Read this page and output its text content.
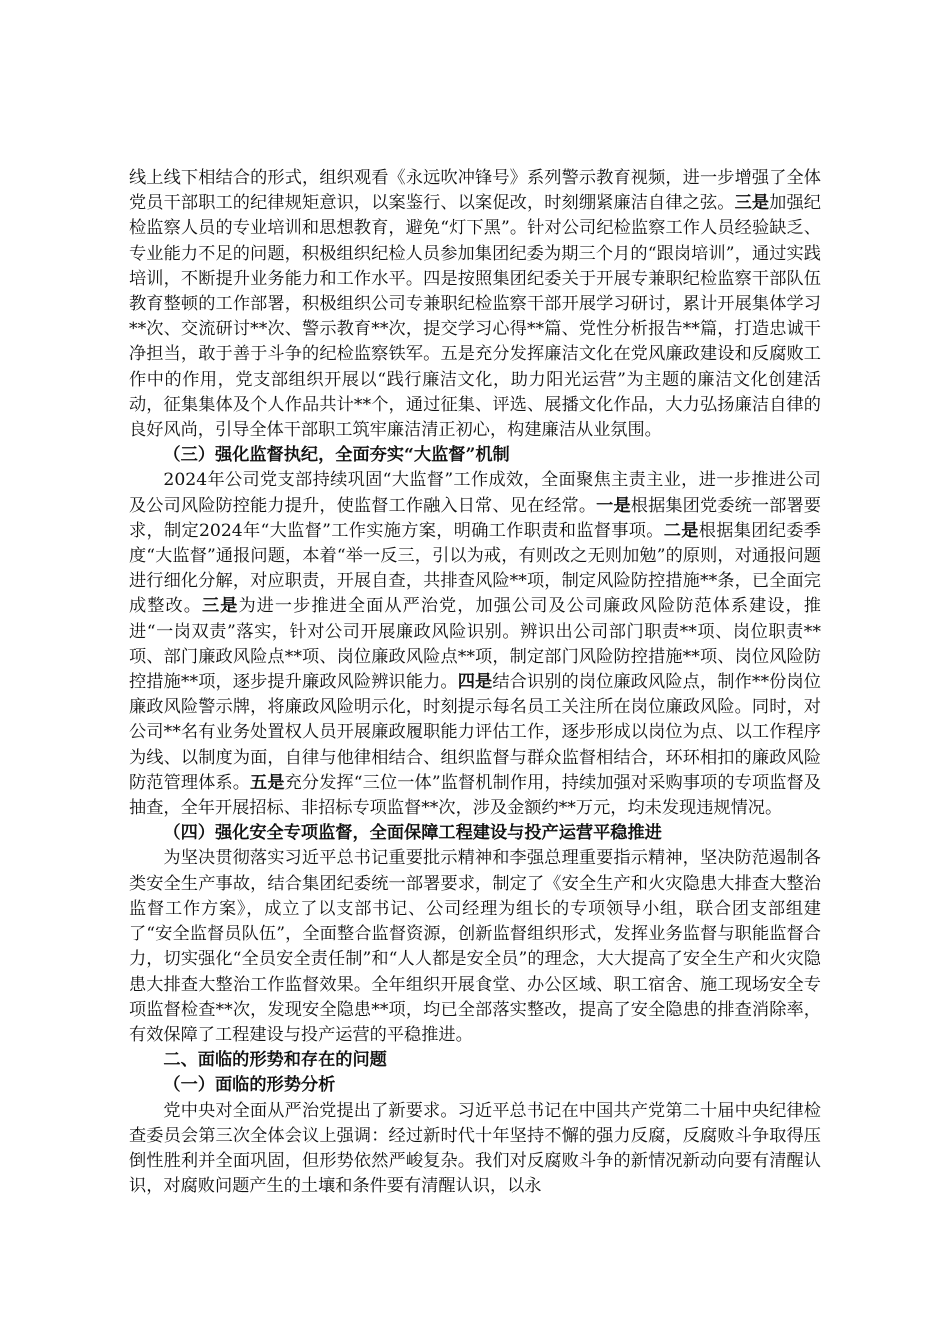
线上线下相结合的形式，组织观看《永远吹冲锋号》系列警示教育视频，进一步增强了全体党员干部职工的纪律规矩意识，以案鉴行、以案促改，时刻绷紧廉洁自律之弦。三是加强纪检监察人员的专业培训和思想教育，避免“灯下黑”。针对公司纪检监察工作人员经验缺乏、专业能力不足的问题，积极组织纪检人员参加集团纪委为期三个月的“跟岗培训”，通过实践培训，不断提升业务能力和工作水平。四是按照集团纪委关于开展专兼职纪检监察干部队伍教育整顿的工作部署，积极组织公司专兼职纪检监察干部开展学习研讨，累计开展集体学习**次、交流研讨**次、警示教育**次，提交学习心得**篇、党性分析报告**篇，打造忠诚干净担当，敢于善于斗争的纪检监察铁军。五是充分发挥廉洁文化在党风廉政建设和反腐败工作中的作用，党支部组织开展以“践行廉洁文化，助力阳光运营”为主题的廉洁文化创建活动，征集集体及个人作品共计**个，通过征集、评选、展播文化作品，大力弘扬廉洁自律的良好风尚，引导全体干部职工筑牢廉洁清正初心，构建廉洁从业氛围。

（三）强化监督执纪，全面夯实“大监督”机制

2024年公司党支部持续巩固“大监督”工作成效，全面聚焦主责主业，进一步推进公司及公司风险防控能力提升，使监督工作融入日常、见在经常。一是根据集团党委统一部署要求，制定2024年“大监督”工作实施方案，明确工作职责和监督事项。二是根据集团纪委季度“大监督”通报问题，本着“举一反三，引以为戒，有则改之无则加勉”的原则，对通报问题进行细化分解，对应职责，开展自查，共排查风险**项，制定风险防控措施**条，已全面完成整改。三是为进一步推进全面从严治党，加强公司及公司廉政风险防范体系建设，推进“一岗双责”落实，针对公司开展廉政风险识别。辨识出公司部门职责**项、岗位职责**项、部门廉政风险点**项、岗位廉政风险点**项，制定部门风险防控措施**项、岗位风险防控措施**项，逐步提升廉政风险辨识能力。四是结合识别的岗位廉政风险点，制作**份岗位廉政风险警示牌，将廉政风险明示化，时刻提示每名员工关注所在岗位廉政风险。同时，对公司**名有业务处置权人员开展廉政履职能力评估工作，逐步形成以岗位为点、以工作程序为线、以制度为面，自律与他律相结合、组织监督与群众监督相结合，环环相扣的廉政风险防范管理体系。五是充分发挥“三位一体”监督机制作用，持续加强对采购事项的专项监督及抽查，全年开展招标、非招标专项监督**次，涉及金额约**万元，均未发现违规情况。

（四）强化安全专项监督，全面保障工程建设与投产运营平稳推进

为坚决贯彻落实习近平总书记重要批示精神和李强总理重要指示精神，坚决防范遏制各类安全生产事故，结合集团纪委统一部署要求，制定了《安全生产和火灾隐患大排查大整治监督工作方案》，成立了以支部书记、公司经理为组长的专项领导小组，联合团支部组建了“安全监督员队伍”，全面整合监督资源，创新监督组织形式，发挥业务监督与职能监督合力，切实强化“全员安全责任制”和“人人都是安全员”的理念，大大提高了安全生产和火灾隐患大排查大整治工作监督效果。全年组织开展食堂、办公区域、职工宿舍、施工现场安全专项监督检查**次，发现安全隐患**项，均已全部落实整改，提高了安全隐患的排查消除率，有效保障了工程建设与投产运营的平稳推进。

二、面临的形势和存在的问题

（一）面临的形势分析

党中央对全面从严治党提出了新要求。习近平总书记在中国共产党第二十届中央纪律检查委员会第三次全体会议上强调：经过新时代十年坚持不懈的强力反腐，反腐败斗争取得压倒性胜利并全面巩固，但形势依然严峻复杂。我们对反腐败斗争的新情况新动向要有清醒认识，对腐败问题产生的土壤和条件要有清醒认识，以永
